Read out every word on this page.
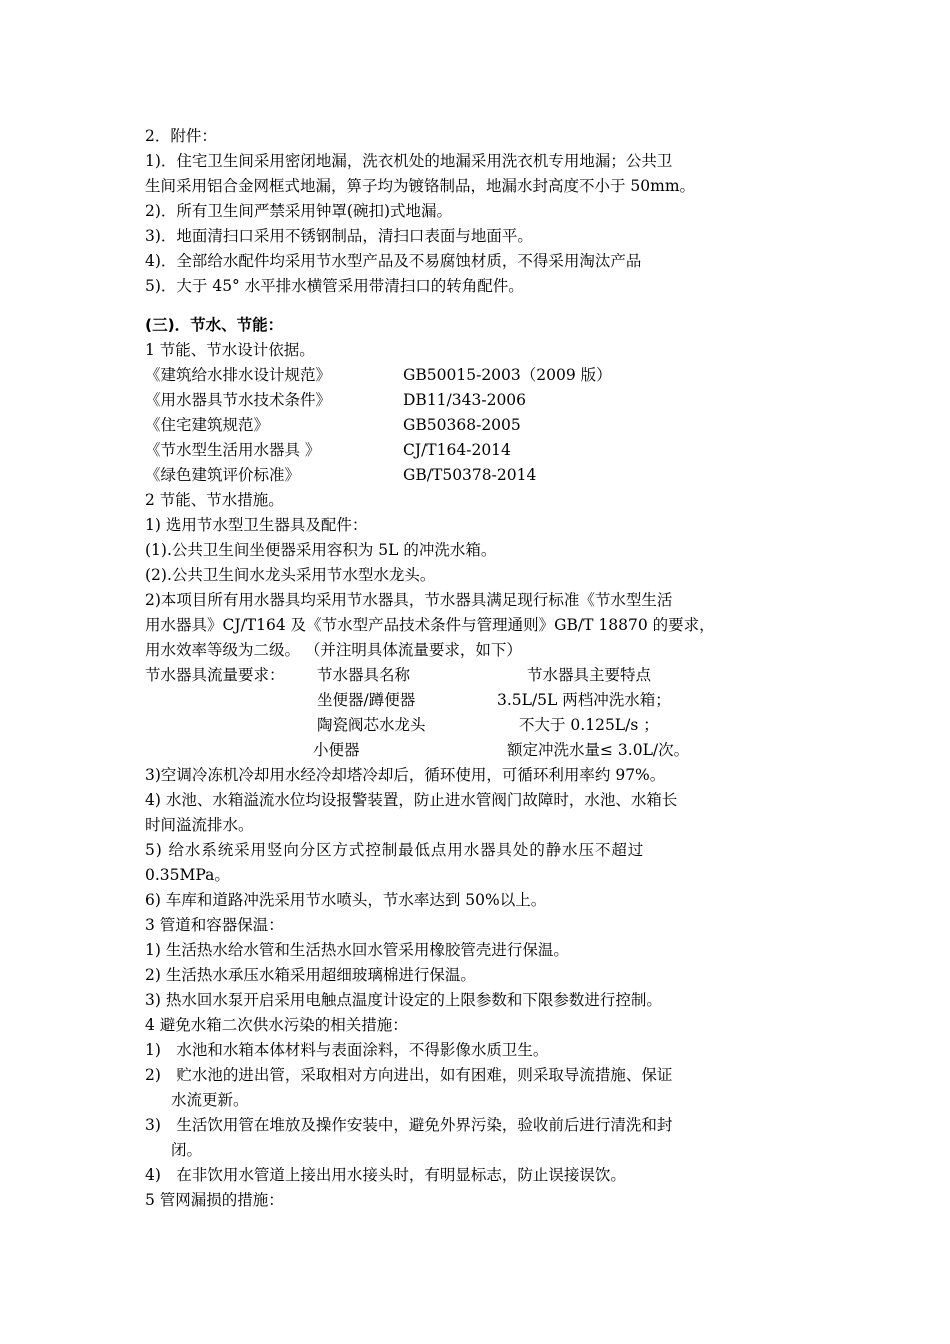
2．附件：
1)．住宅卫生间采用密闭地漏，洗衣机处的地漏采用洗衣机专用地漏；公共卫
生间采用铝合金网框式地漏，箅子均为镀铬制品，地漏水封高度不小于 50mm。
2)．所有卫生间严禁采用钟罩(碗扣)式地漏。
3)．地面清扫口采用不锈钢制品，清扫口表面与地面平。
4)．全部给水配件均采用节水型产品及不易腐蚀材质，不得采用淘汰产品
5)．大于 45° 水平排水横管采用带清扫口的转角配件。
(三)．节水、节能：
1 节能、节水设计依据。
《建筑给水排水设计规范》	GB50015-2003（2009 版）
《用水器具节水技术条件》	DB11/343-2006
《住宅建筑规范》	GB50368-2005
《节水型生活用水器具 》	CJ/T164-2014
《绿色建筑评价标准》	GB/T50378-2014
2 节能、节水措施。
1) 选用节水型卫生器具及配件：
(1).公共卫生间坐便器采用容积为 5L 的冲洗水箱。
(2).公共卫生间水龙头采用节水型水龙头。
2)本项目所有用水器具均采用节水器具，节水器具满足现行标准《节水型生活
用水器具》CJ/T164 及《节水型产品技术条件与管理通则》GB/T 18870 的要求，
用水效率等级为二级。 （并注明具体流量要求，如下）
节水器具流量要求：	节水器具名称	节水器具主要特点
坐便器/蹲便器	3.5L/5L 两档冲洗水箱；
陶瓷阀芯水龙头	不大于 0.125L/s ；
小便器	额定冲洗水量≤ 3.0L/次。
3)空调冷冻机冷却用水经冷却塔冷却后，循环使用，可循环利用率约 97%。
4) 水池、水箱溢流水位均设报警装置，防止进水管阀门故障时，水池、水箱长
时间溢流排水。
5) 给水系统采用竖向分区方式控制最低点用水器具处的静水压不超过
0.35MPa。
6) 车库和道路冲洗采用节水喷头，节水率达到 50%以上。
3 管道和容器保温：
1) 生活热水给水管和生活热水回水管采用橡胶管壳进行保温。
2) 生活热水承压水箱采用超细玻璃棉进行保温。
3) 热水回水泵开启采用电触点温度计设定的上限参数和下限参数进行控制。
4 避免水箱二次供水污染的相关措施：
1)　水池和水箱本体材料与表面涂料，不得影像水质卫生。
2)　贮水池的进出管，采取相对方向进出，如有困难，则采取导流措施、保证
水流更新。
3)　生活饮用管在堆放及操作安装中，避免外界污染，验收前后进行清洗和封
闭。
4)　在非饮用水管道上接出用水接头时，有明显标志，防止误接误饮。
5 管网漏损的措施：
